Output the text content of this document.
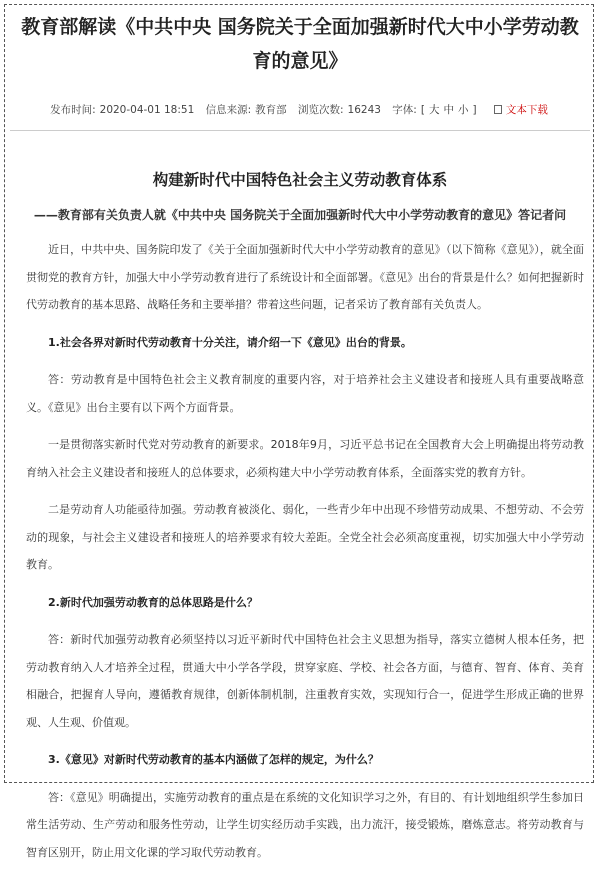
教育部解读《中共中央 国务院关于全面加强新时代大中小学劳动教育的意见》
发布时间: 2020-04-01 18:51 信息来源: 教育部 浏览次数: 16243 字体: [ 大 中 小 ]	文本下载
构建新时代中国特色社会主义劳动教育体系
——教育部有关负责人就《中共中央 国务院关于全面加强新时代大中小学劳动教育的意见》答记者问

近日，中共中央、国务院印发了《关于全面加强新时代大中小学劳动教育的意见》（以下简称《意见》），就全面贯彻党的教育方针，加强大中小学劳动教育进行了系统设计和全面部署。《意见》出台的背景是什么？如何把握新时代劳动教育的基本思路、战略任务和主要举措？带着这些问题，记者采访了教育部有关负责人。

1.社会各界对新时代劳动教育十分关注，请介绍一下《意见》出台的背景。

答：劳动教育是中国特色社会主义教育制度的重要内容，对于培养社会主义建设者和接班人具有重要战略意义。《意见》出台主要有以下两个方面背景。

一是贯彻落实新时代党对劳动教育的新要求。2018年9月，习近平总书记在全国教育大会上明确提出将劳动教育纳入社会主义建设者和接班人的总体要求，必须构建大中小学劳动教育体系，全面落实党的教育方针。

二是劳动育人功能亟待加强。劳动教育被淡化、弱化，一些青少年中出现不珍惜劳动成果、不想劳动、不会劳动的现象，与社会主义建设者和接班人的培养要求有较大差距。全党全社会必须高度重视，切实加强大中小学劳动教育。

2.新时代加强劳动教育的总体思路是什么？

答：新时代加强劳动教育必须坚持以习近平新时代中国特色社会主义思想为指导，落实立德树人根本任务，把劳动教育纳入人才培养全过程，贯通大中小学各学段，贯穿家庭、学校、社会各方面，与德育、智育、体育、美育相融合，把握育人导向，遵循教育规律，创新体制机制，注重教育实效，实现知行合一，促进学生形成正确的世界观、人生观、价值观。

3.《意见》对新时代劳动教育的基本内涵做了怎样的规定，为什么？

答：《意见》明确提出，实施劳动教育的重点是在系统的文化知识学习之外，有目的、有计划地组织学生参加日常生活劳动、生产劳动和服务性劳动，让学生切实经历动手实践，出力流汗，接受锻炼，磨炼意志。将劳动教育与智育区别开，防止用文化课的学习取代劳动教育。
